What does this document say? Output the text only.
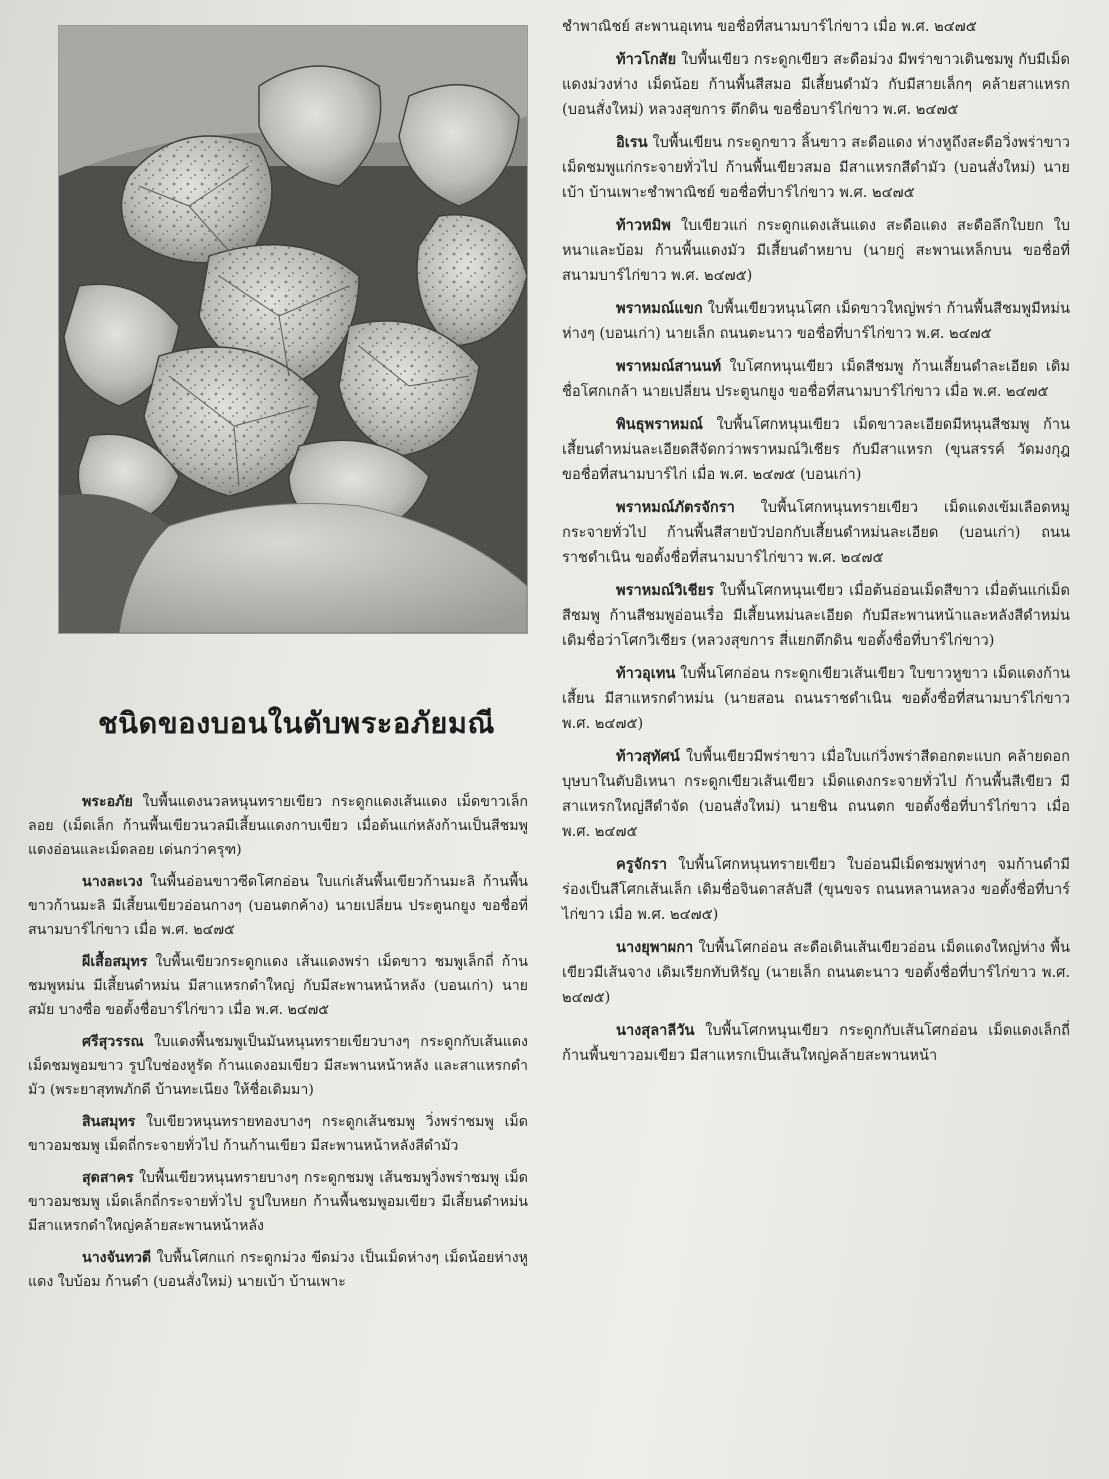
ชำพาณิชย์ สะพานอุเทน ขอชื่อที่สนามบาร์ไก่ขาว เมื่อ พ.ศ. ๒๔๗๕

ท้าวโกสัย ใบพื้นเขียว กระดูกเขียว สะดือม่วง มีพร่าขาวเดินชมพู กับมีเม็ดแดงม่วงห่าง เม็ดน้อย ก้านพื้นสีสมอ มีเสี้ยนดำมัว กับมีสายเล็กๆ คล้ายสาแหรก (บอนสั่งใหม่) หลวงสุขการ ตึกดิน ขอชื่อบาร์ไก่ขาว พ.ศ. ๒๔๗๕

อิเรน ใบพื้นเขียน กระดูกขาว ลิ้นขาว สะดือแดง ห่างหูถึงสะดือวิ่งพร่าขาว เม็ดชมพูแก่กระจายทั่วไป ก้านพื้นเขียวสมอ มีสาแหรกสีดำมัว (บอนสั่งใหม่) นายเบ้า บ้านเพาะชำพาณิชย์ ขอชื่อที่บาร์ไก่ขาว พ.ศ. ๒๔๗๕

ท้าวหมิพ ใบเขียวแก่ กระดูกแดงเส้นแดง สะดือแดง สะดือลึกใบยก ใบหนาและบ้อม ก้านพื้นแดงมัว มีเสี้ยนดำหยาบ (นายกู่ สะพานเหล็กบน ขอชื่อที่สนามบาร์ไก่ขาว พ.ศ. ๒๔๗๕)

พราหมณ์แขก ใบพื้นเขียวหนุนโศก เม็ดขาวใหญ่พร่า ก้านพื้นสีชมพูมีหม่นห่างๆ (บอนเก่า) นายเล็ก ถนนตะนาว ขอชื่อที่บาร์ไก่ขาว พ.ศ. ๒๔๗๕

พราหมณ์สานนท์ ใบโศกหนุนเขียว เม็ดสีชมพู ก้านเสี้ยนดำละเอียด เดิมชื่อโศกเกล้า นายเปลี่ยน ประตูนกยูง ขอชื่อที่สนามบาร์ไก่ขาว เมื่อ พ.ศ. ๒๔๗๕

พินธุพราหมณ์ ใบพื้นโศกหนุนเขียว เม็ดขาวละเอียดมีหนุนสีชมพู ก้านเสี้ยนดำหม่นละเอียดสีจัดกว่าพราหมณ์วิเชียร กับมีสาแหรก (ขุนสรรค์ วัดมงกุฎ ขอชื่อที่สนามบาร์ไก่ เมื่อ พ.ศ. ๒๔๗๕ (บอนเก่า)

พราหมณ์ภัตรจักรา ใบพื้นโศกหนุนทรายเขียว เม็ดแดงเข้มเลือดหมูกระจายทั่วไป ก้านพื้นสีสายบัวปอกกับเสี้ยนดำหม่นละเอียด (บอนเก่า) ถนนราชดำเนิน ขอตั้งชื่อที่สนามบาร์ไก่ขาว พ.ศ. ๒๔๗๕

พราหมณ์วิเชียร ใบพื้นโศกหนุนเขียว เมื่อต้นอ่อนเม็ดสีขาว เมื่อต้นแก่เม็ดสีชมพู ก้านสีชมพูอ่อนเรื่อ มีเสี้ยนหม่นละเอียด กับมีสะพานหน้าและหลังสีดำหม่น เดิมชื่อว่าโศกวิเชียร (หลวงสุขการ สี่แยกตึกดิน ขอตั้งชื่อที่บาร์ไก่ขาว)

ท้าวอุเทน ใบพื้นโศกอ่อน กระดูกเขียวเส้นเขียว ใบขาวหูขาว เม็ดแดงก้านเสี้ยน มีสาแหรกดำหม่น (นายสอน ถนนราชดำเนิน ขอตั้งชื่อที่สนามบาร์ไก่ขาว พ.ศ. ๒๔๗๕)

ท้าวสุทัศน์ ใบพื้นเขียวมีพร่าขาว เมื่อใบแก่วิ่งพร่าสีดอกตะแบก คล้ายดอกบุษบาในตับอิเหนา กระดูกเขียวเส้นเขียว เม็ดแดงกระจายทั่วไป ก้านพื้นสีเขียว มีสาแหรกใหญ่สีดำจัด (บอนสั่งใหม่) นายชิน ถนนตก ขอตั้งชื่อที่บาร์ไก่ขาว เมื่อ พ.ศ. ๒๔๗๕

ครูจักรา ใบพื้นโศกหนุนทรายเขียว ใบอ่อนมีเม็ดชมพูห่างๆ จมก้านดำมีร่องเป็นสีโศกเส้นเล็ก เดิมชื่อจินดาสลับสี (ขุนขจร ถนนหลานหลวง ขอตั้งชื่อที่บาร์ไก่ขาว เมื่อ พ.ศ. ๒๔๗๕)

นางยุพาผกา ใบพื้นโศกอ่อน สะดือเดินเส้นเขียวอ่อน เม็ดแดงใหญ่ห่าง พื้นเขียวมีเส้นจาง เดิมเรียกทับหิรัญ (นายเล็ก ถนนตะนาว ขอตั้งชื่อที่บาร์ไก่ขาว พ.ศ. ๒๔๗๕)

นางสุลาลีวัน ใบพื้นโศกหนุนเขียว กระดูกกับเส้นโศกอ่อน เม็ดแดงเล็กถี่ ก้านพื้นขาวอมเขียว มีสาแหรกเป็นเส้นใหญ่คล้ายสะพานหน้า

ชนิดของบอนในตับพระอภัยมณี

พระอภัย ใบพื้นแดงนวลหนุนทรายเขียว กระดูกแดงเส้นแดง เม็ดขาวเล็กลอย (เม็ดเล็ก ก้านพื้นเขียวนวลมีเสี้ยนแดงกาบเขียว เมื่อต้นแก่หลังก้านเป็นสีชมพูแดงอ่อนและเม็ดลอย เด่นกว่าครุฑ)

นางละเวง ในพื้นอ่อนขาวซีดโศกอ่อน ใบแก่เส้นพื้นเขียวก้านมะลิ ก้านพื้นขาวก้านมะลิ มีเสี้ยนเขียวอ่อนกางๆ (บอนตกค้าง) นายเปลี่ยน ประตูนกยูง ขอชื่อที่สนามบาร์ไก่ขาว เมื่อ พ.ศ. ๒๔๗๕

ผีเสื้อสมุทร ใบพื้นเขียวกระดูกแดง เส้นแดงพร่า เม็ดขาว ชมพูเล็กถี่ ก้านชมพูหม่น มีเสี้ยนดำหม่น มีสาแหรกดำใหญ่ กับมีสะพานหน้าหลัง (บอนเก่า) นายสมัย บางซื่อ ขอตั้งชื่อบาร์ไก่ขาว เมื่อ พ.ศ. ๒๔๗๕

ศรีสุวรรณ ใบแดงพื้นชมพูเป็นมันหนุนทรายเขียวบางๆ กระดูกกับเส้นแดง เม็ดชมพูอมขาว รูปใบช่องหูรัด ก้านแดงอมเขียว มีสะพานหน้าหลัง และสาแหรกดำมัว (พระยาสุทพภักดี บ้านทะเนียง ให้ชื่อเดิมมา)

สินสมุทร ใบเขียวหนุนทรายทองบางๆ กระดูกเส้นชมพู วิ่งพร่าชมพู เม็ดขาวอมชมพู เม็ดถี่กระจายทั่วไป ก้านก้านเขียว มีสะพานหน้าหลังสีดำมัว

สุดสาคร ใบพื้นเขียวหนุนทรายบางๆ กระดูกชมพู เส้นชมพูวิ่งพร่าชมพู เม็ดขาวอมชมพู เม็ดเล็กถี่กระจายทั่วไป รูปใบหยก ก้านพื้นชมพูอมเขียว มีเสี้ยนดำหม่น มีสาแหรกดำใหญ่คล้ายสะพานหน้าหลัง

นางจันทวดี ใบพื้นโศกแก่ กระดูกม่วง ขีดม่วง เป็นเม็ดห่างๆ เม็ดน้อยห่างหูแดง ใบบ้อม ก้านดำ (บอนสั่งใหม่) นายเบ้า บ้านเพาะ
